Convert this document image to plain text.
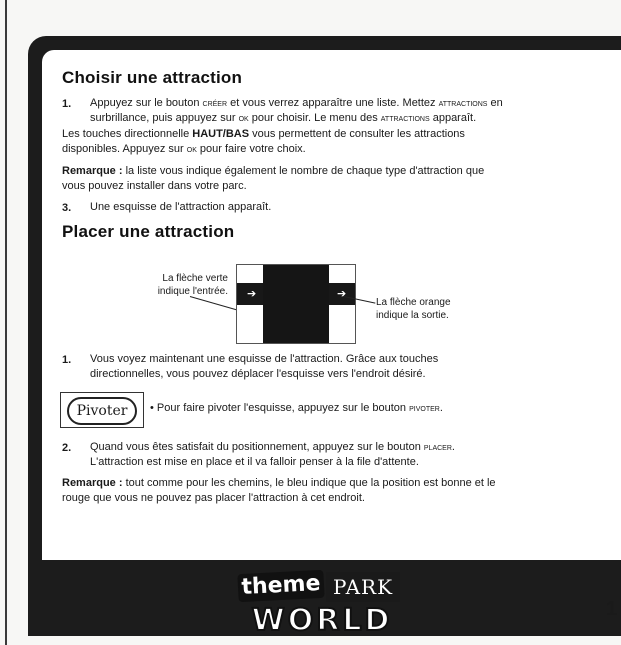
Choisir une attraction
1. Appuyez sur le bouton créer et vous verrez apparaître une liste. Mettez attractions en

surbrillance, puis appuyez sur ok pour choisir. Le menu des attractions apparaît.

Les touches directionnelle HAUT/BAS vous permettent de consulter les attractions

disponibles. Appuyez sur ok pour faire votre choix.

Remarque : la liste vous indique également le nombre de chaque type d'attraction que

vous pouvez installer dans votre parc.

3. Une esquisse de l'attraction apparaît.

Placer une attraction
La flèche verte
indique l'entrée. ➔	➔
La flèche orange
indique la sortie.
1. Vous voyez maintenant une esquisse de l'attraction. Grâce aux touches

directionnelles, vous pouvez déplacer l'esquisse vers l'endroit désiré.

• Pour faire pivoter l'esquisse, appuyez sur le bouton pivoter.

2. Quand vous êtes satisfait du positionnement, appuyez sur le bouton placer.

L'attraction est mise en place et il va falloir penser à la file d'attente.

Remarque : tout comme pour les chemins, le bleu indique que la position est bonne et le

rouge que vous ne pouvez pas placer l'attraction à cet endroit.

Pivoter
theme PARK
WORLD	1
